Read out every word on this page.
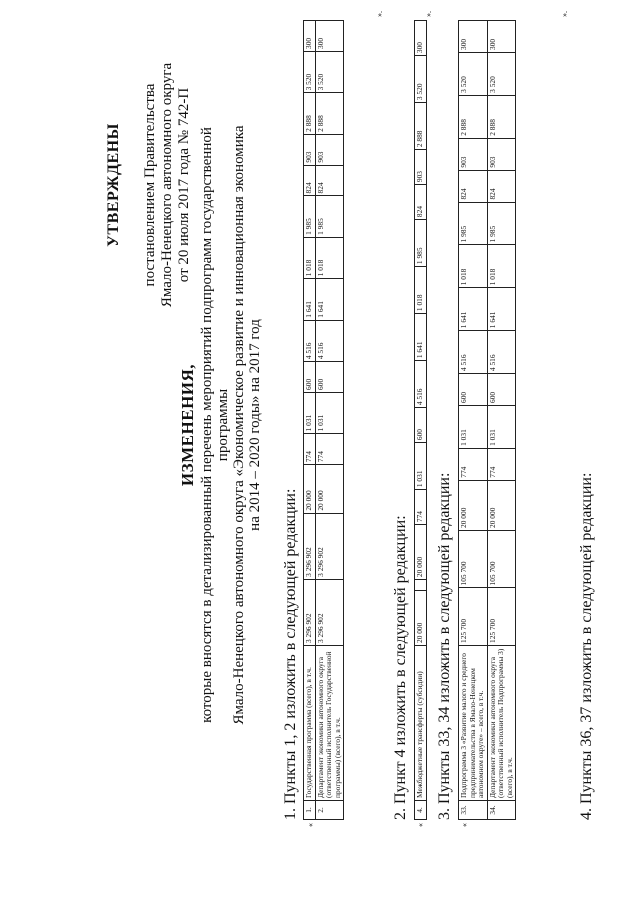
УТВЕРЖДЕНЫ постановлением Правительства Ямало-Ненецкого автономного округа от 20 июля 2017 года № 742-П
ИЗМЕНЕНИЯ, которые вносятся в детализированный перечень мероприятий подпрограмм государственной программы Ямало-Ненецкого автономного округа «Экономическое развитие и инновационная экономика на 2014 – 2020 годы» на 2017 год
1. Пункты 1, 2 изложить в следующей редакции:
«
1.	Государственная программа (всего), в т.ч.	3 296 902	3 296 902	20 000	774	1 031	600	4 516	1 641	1 018	1 985	824	903	2 888	3 520	300
2.	Департамент экономики автономного округа (ответственный исполнитель Государственной программы) (всего), в т.ч.	3 296 902	3 296 902	20 000	774	1 031	600	4 516	1 641	1 018	1 985	824	903	2 888	3 520	300
».
2. Пункт 4 изложить в следующей редакции:
«
4.	Межбюджетные трансферты (субсидии)	20 000		20 000	774	1 031	600	4 516	1 641	1 018	1 985	824	903	2 888	3 520	300
».
3. Пункты 33, 34 изложить в следующей редакции:
«
33.	Подпрограмма 3 «Развитие малого и среднего предпринимательства в Ямало-Ненецком автономном округе» – всего, в т.ч.	125 700	105 700	20 000	774	1 031	600	4 516	1 641	1 018	1 985	824	903	2 888	3 520	300
34.	Департамент экономики автономного округа (ответственный исполнитель Подпрограммы 3) (всего), в т.ч.	125 700	105 700	20 000	774	1 031	600	4 516	1 641	1 018	1 985	824	903	2 888	3 520	300
».
4. Пункты 36, 37 изложить в следующей редакции:
